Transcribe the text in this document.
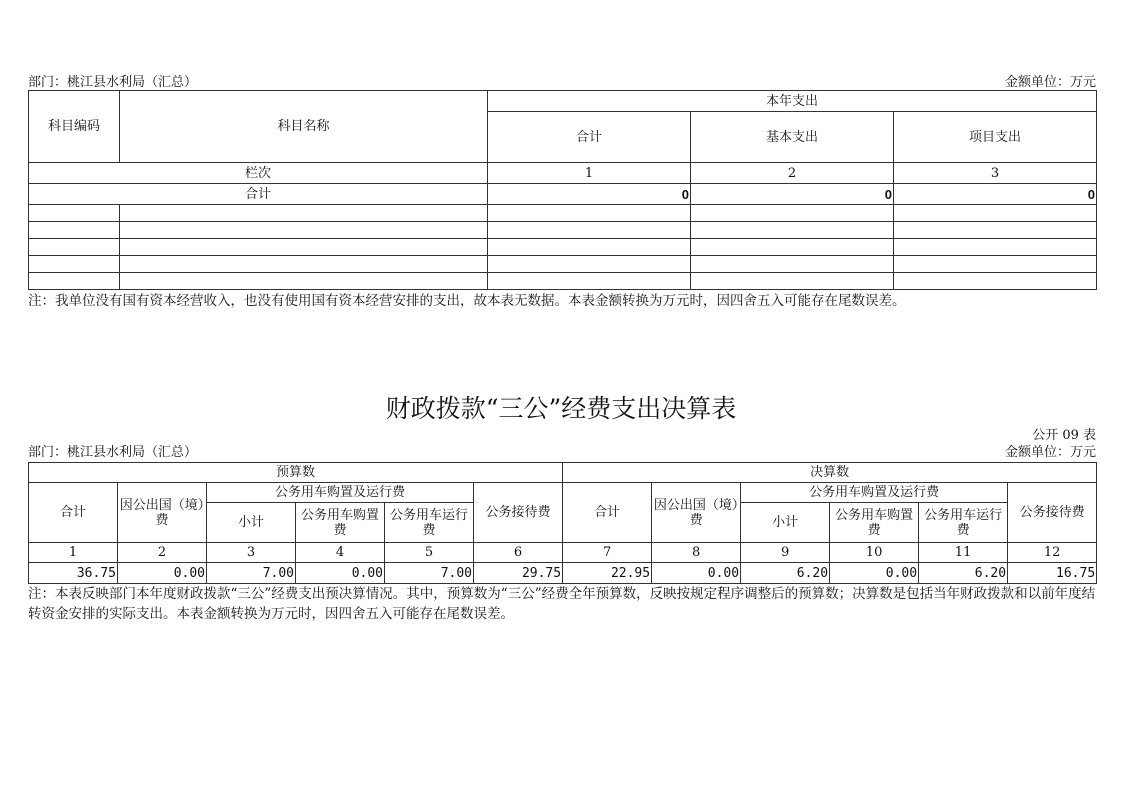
部门：桃江县水利局（汇总）	金额单位：万元
科目编码	科目名称	本年支出		
		合计	基本支出	项目支出
栏次		1	2	3
合计		0	0	0

注：我单位没有国有资本经营收入，也没有使用国有资本经营安排的支出，故本表无数据。本表金额转换为万元时，因四舍五入可能存在尾数误差。
财政拨款“三公”经费支出决算表
公开 09 表
部门：桃江县水利局（汇总）	金额单位：万元
预算数						决算数					
合计	因公出国（境）费	公务用车购置及运行费			公务接待费	合计	因公出国（境）费	公务用车购置及运行费			公务接待费
		小计	公务用车购置费	公务用车运行费				小计	公务用车购置费	公务用车运行费	
1	2	3	4	5	6	7	8	9	10	11	12
36.75	0.00	7.00	0.00	7.00	29.75	22.95	0.00	6.20	0.00	6.20	16.75
注：本表反映部门本年度财政拨款“三公”经费支出预决算情况。其中，预算数为“三公”经费全年预算数，反映按规定程序调整后的预算数；决算数是包括当年财政拨款和以前年度结转资金安排的实际支出。本表金额转换为万元时，因四舍五入可能存在尾数误差。
